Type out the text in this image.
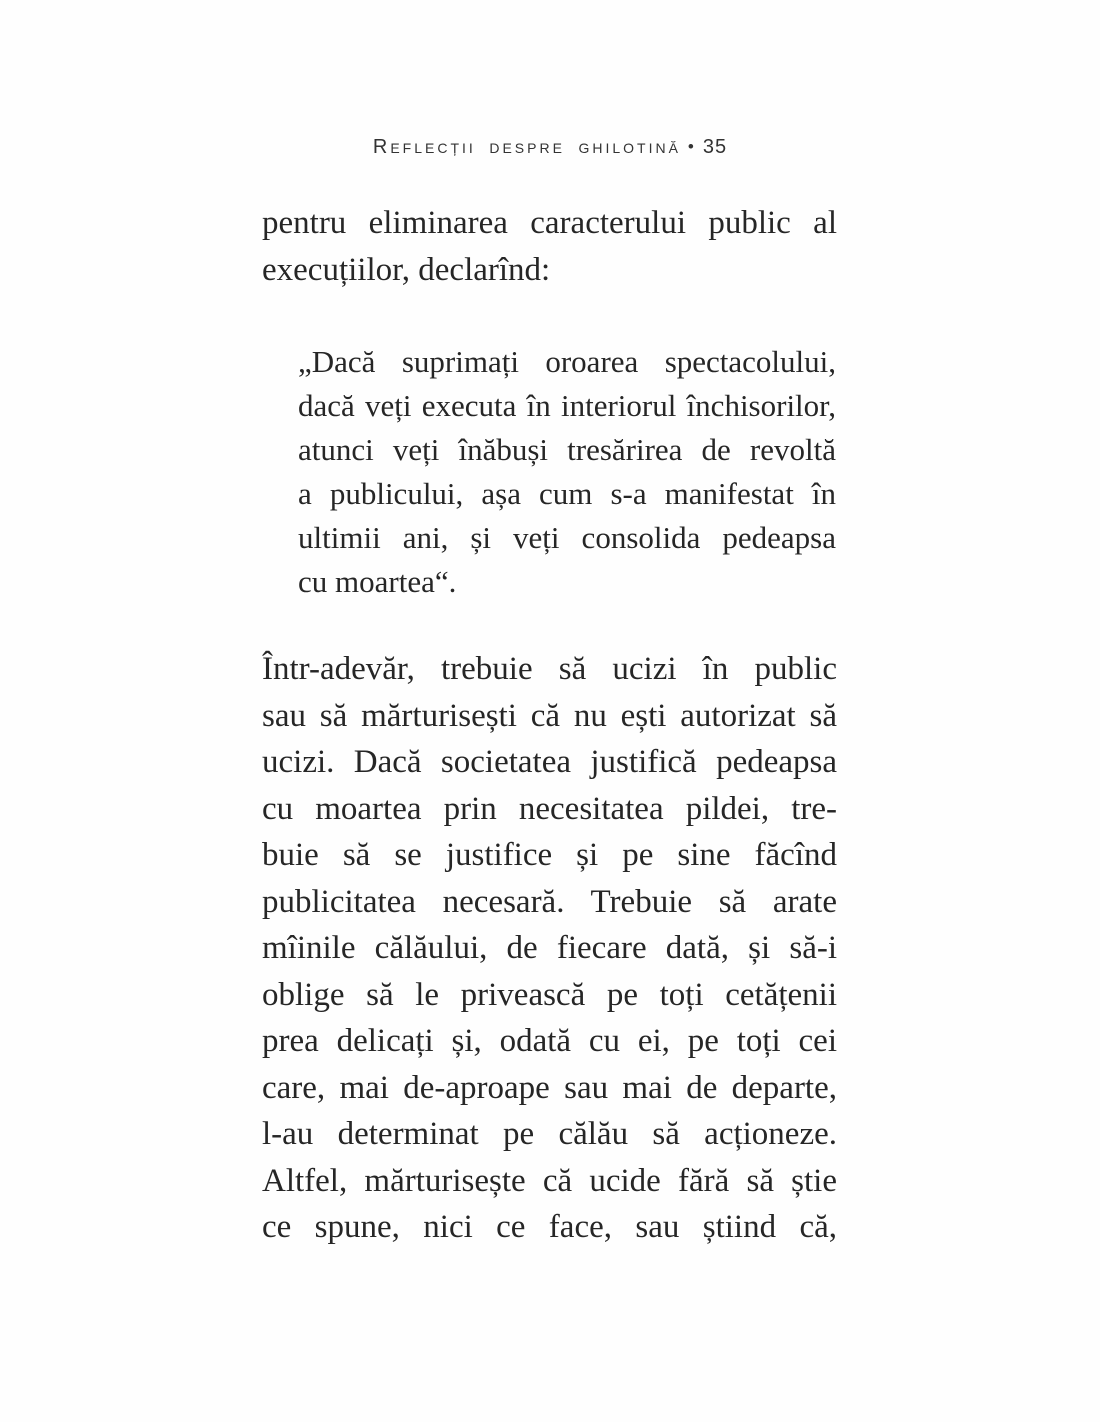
Reflecții despre ghilotină • 35
pentru eliminarea caracterului public al
execuțiilor, declarînd:
„Dacă suprimați oroarea spectacolului,
dacă veți executa în interiorul închisorilor,
atunci veți înăbuși tresărirea de revoltă
a publicului, așa cum s-a manifestat în
ultimii ani, și veți consolida pedeapsa
cu moartea“.
Într-adevăr, trebuie să ucizi în public
sau să mărturisești că nu ești autorizat să
ucizi. Dacă societatea justifică pedeapsa
cu moartea prin necesitatea pildei, tre-
buie să se justifice și pe sine făcînd
publicitatea necesară. Trebuie să arate
mîinile călăului, de fiecare dată, și să-i
oblige să le privească pe toți cetățenii
prea delicați și, odată cu ei, pe toți cei
care, mai de-aproape sau mai de departe,
l-au determinat pe călău să acționeze.
Altfel, mărturisește că ucide fără să știe
ce spune, nici ce face, sau știind că,
